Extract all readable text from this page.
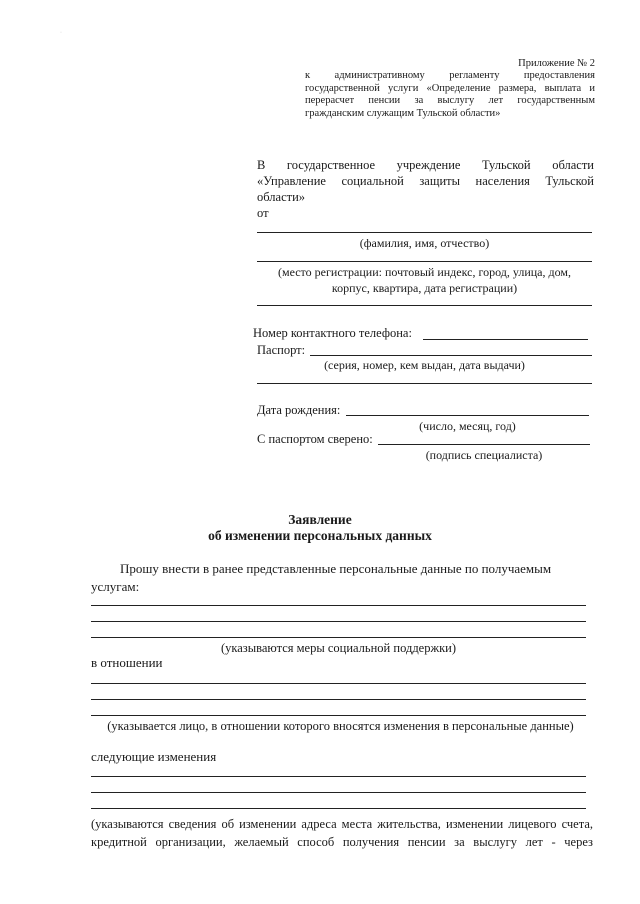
·

Приложение № 2

к административному регламенту предоставления государственной услуги «Определение размера, выплата и перерасчет пенсии за выслугу лет государственным гражданским служащим Тульской области»

В государственное учреждение Тульской области
«Управление социальной защиты населения Тульской
области»
от
(фамилия, имя, отчество)
(место регистрации: почтовый индекс, город, улица, дом,
корпус, квартира, дата регистрации)
Номер контактного телефона:
Паспорт:
(серия, номер, кем выдан, дата выдачи)
Дата рождения:
(число, месяц, год)
С паспортом сверено:
(подпись специалиста)
Заявление
об изменении персональных данных
Прошу внести в ранее представленные персональные данные по получаемым услугам:
(указываются меры социальной поддержки)
в отношении
(указывается лицо, в отношении которого вносятся изменения в персональные данные)
следующие изменения
(указываются сведения об изменении адреса места жительства, изменении лицевого счета,
кредитной организации, желаемый способ получения пенсии за выслугу лет - через
